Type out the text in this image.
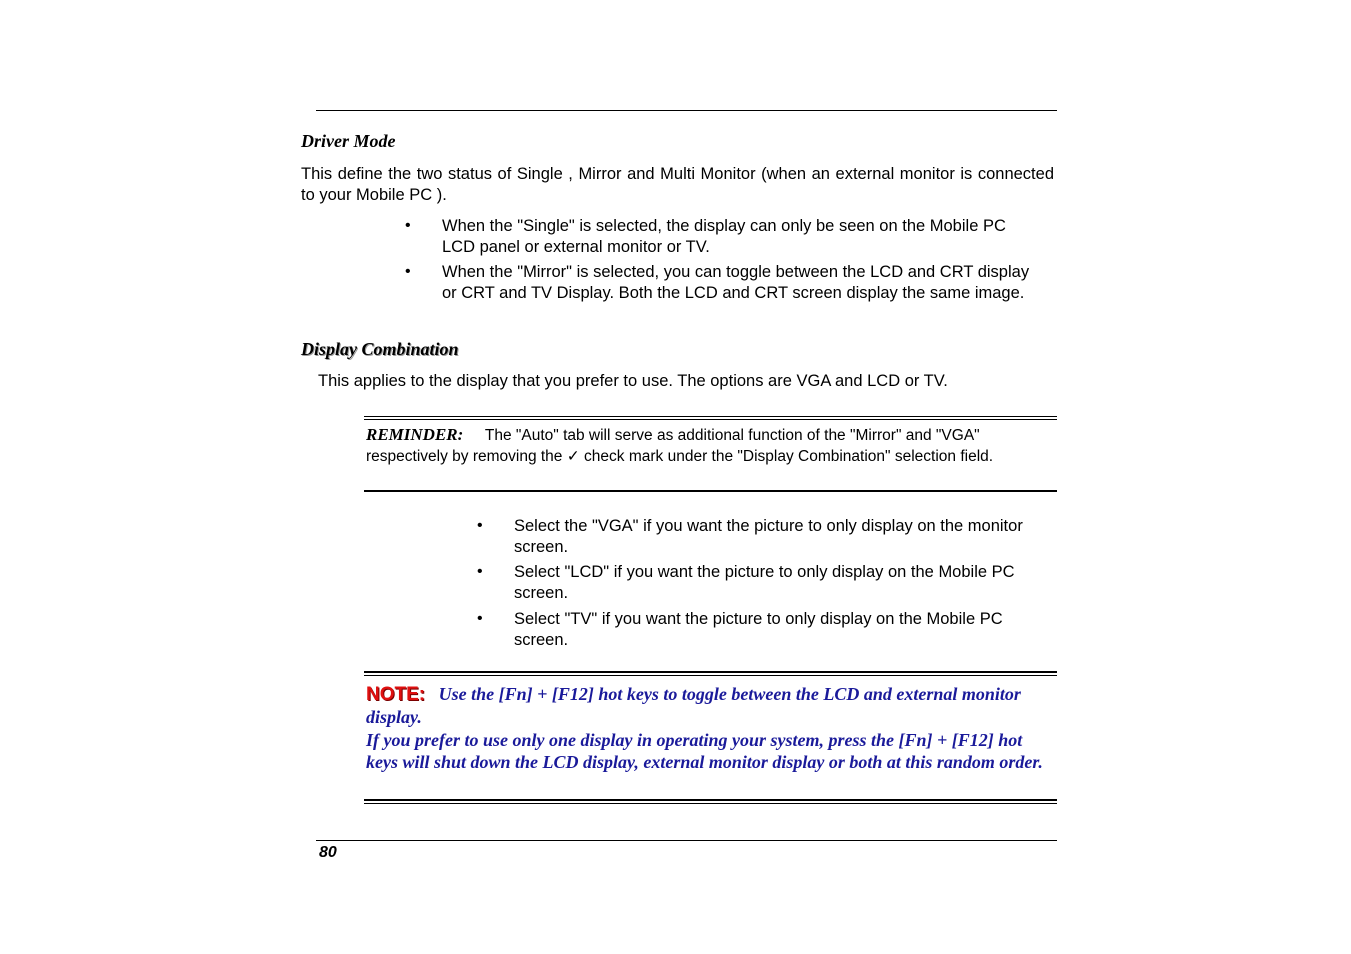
Driver Mode
This define the two status of Single , Mirror and Multi Monitor (when an external monitor is connected to your Mobile PC ).
• When the "Single" is selected, the display can only be seen on the Mobile PC LCD panel or external monitor or TV.
• When the "Mirror" is selected, you can toggle between the LCD and CRT display or CRT and TV Display. Both the LCD and CRT screen display the same image.
Display Combination
This applies to the display that you prefer to use. The options are VGA and LCD or TV.
REMINDER: The "Auto" tab will serve as additional function of the "Mirror" and "VGA" respectively by removing the ✓ check mark under the "Display Combination" selection field.
• Select the "VGA" if you want the picture to only display on the monitor screen.
• Select "LCD" if you want the picture to only display on the Mobile PC screen.
• Select "TV" if you want the picture to only display on the Mobile PC screen.
NOTE: Use the [Fn] + [F12] hot keys to toggle between the LCD and external monitor display.
If you prefer to use only one display in operating your system, press the [Fn] + [F12] hot keys will shut down the LCD display, external monitor display or both at this random order.
80
